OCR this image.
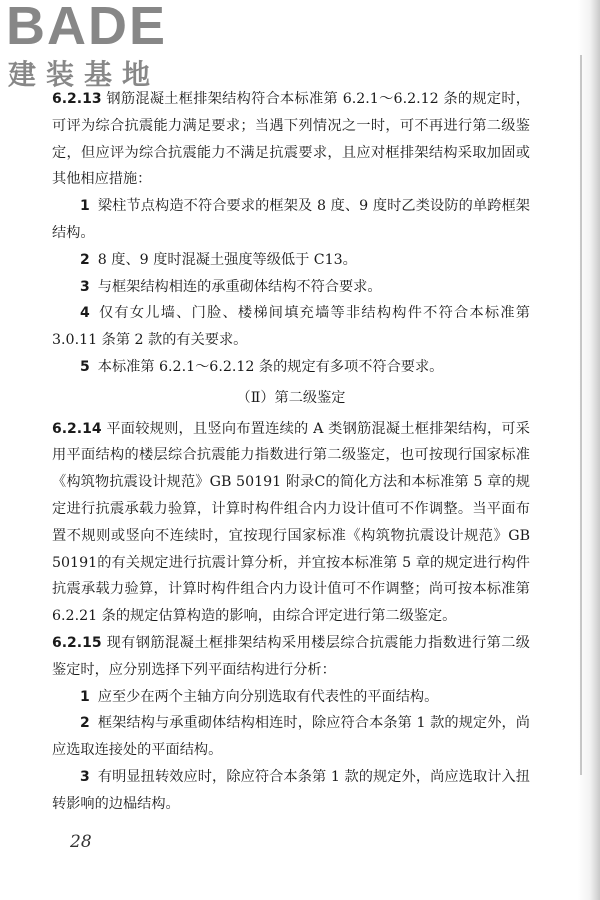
BADE
建装基地

6.2.13 钢筋混凝土框排架结构符合本标准第 6.2.1～6.2.12 条的规定时，可评为综合抗震能力满足要求；当遇下列情况之一时，可不再进行第二级鉴定，但应评为综合抗震能力不满足抗震要求，且应对框排架结构采取加固或其他相应措施：

1 梁柱节点构造不符合要求的框架及 8 度、9 度时乙类设防的单跨框架结构。

2 8 度、9 度时混凝土强度等级低于 C13。

3 与框架结构相连的承重砌体结构不符合要求。

4 仅有女儿墙、门脸、楼梯间填充墙等非结构构件不符合本标准第 3.0.11 条第 2 款的有关要求。

5 本标准第 6.2.1～6.2.12 条的规定有多项不符合要求。

（Ⅱ）第二级鉴定

6.2.14 平面较规则，且竖向布置连续的 A 类钢筋混凝土框排架结构，可采用平面结构的楼层综合抗震能力指数进行第二级鉴定，也可按现行国家标准《构筑物抗震设计规范》GB 50191 附录C的简化方法和本标准第 5 章的规定进行抗震承载力验算，计算时构件组合内力设计值可不作调整。当平面布置不规则或竖向不连续时，宜按现行国家标准《构筑物抗震设计规范》GB 50191的有关规定进行抗震计算分析，并宜按本标准第 5 章的规定进行构件抗震承载力验算，计算时构件组合内力设计值可不作调整；尚可按本标准第 6.2.21 条的规定估算构造的影响，由综合评定进行第二级鉴定。

6.2.15 现有钢筋混凝土框排架结构采用楼层综合抗震能力指数进行第二级鉴定时，应分别选择下列平面结构进行分析：

1 应至少在两个主轴方向分别选取有代表性的平面结构。

2 框架结构与承重砌体结构相连时，除应符合本条第 1 款的规定外，尚应选取连接处的平面结构。

3 有明显扭转效应时，除应符合本条第 1 款的规定外，尚应选取计入扭转影响的边榀结构。

28
